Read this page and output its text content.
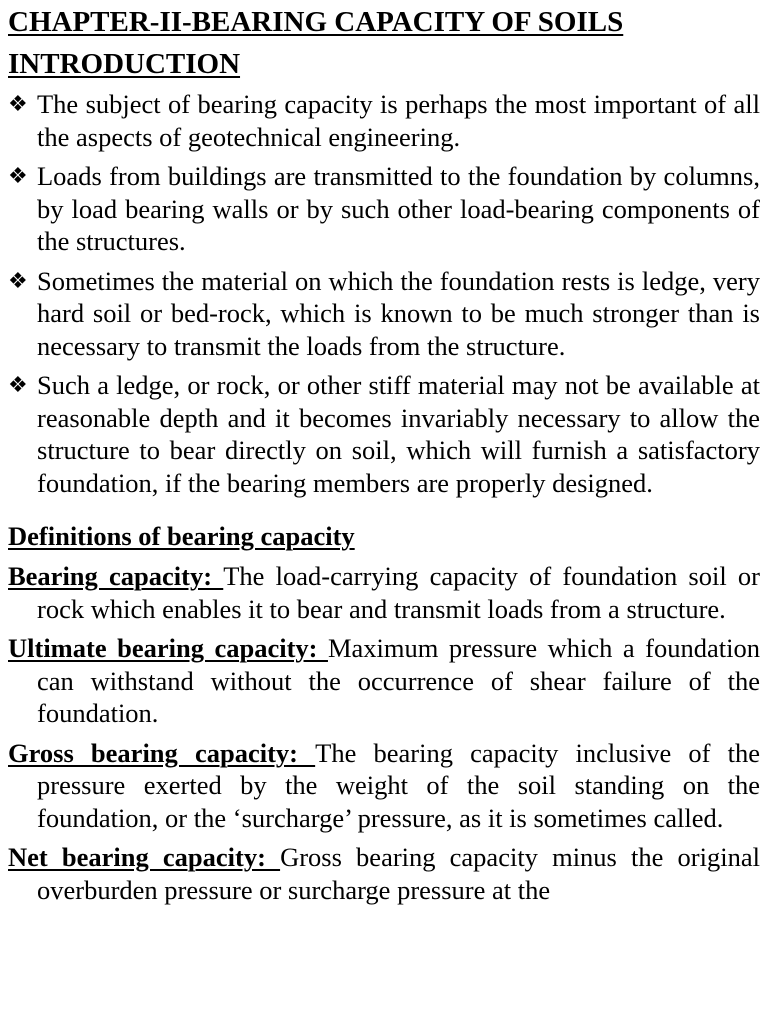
CHAPTER-II-BEARING CAPACITY OF SOILS
INTRODUCTION
❖ The subject of bearing capacity is perhaps the most important of all the aspects of geotechnical engineering.
❖ Loads from buildings are transmitted to the foundation by columns, by load bearing walls or by such other load-bearing components of the structures.
❖ Sometimes the material on which the foundation rests is ledge, very hard soil or bed-rock, which is known to be much stronger than is necessary to transmit the loads from the structure.
❖ Such a ledge, or rock, or other stiff material may not be available at reasonable depth and it becomes invariably necessary to allow the structure to bear directly on soil, which will furnish a satisfactory foundation, if the bearing members are properly designed.
Definitions of bearing capacity
Bearing capacity: The load-carrying capacity of foundation soil or rock which enables it to bear and transmit loads from a structure.
Ultimate bearing capacity: Maximum pressure which a foundation can withstand without the occurrence of shear failure of the foundation.
Gross bearing capacity: The bearing capacity inclusive of the pressure exerted by the weight of the soil standing on the foundation, or the ‘surcharge’ pressure, as it is sometimes called.
Net bearing capacity: Gross bearing capacity minus the original overburden pressure or surcharge pressure at the
